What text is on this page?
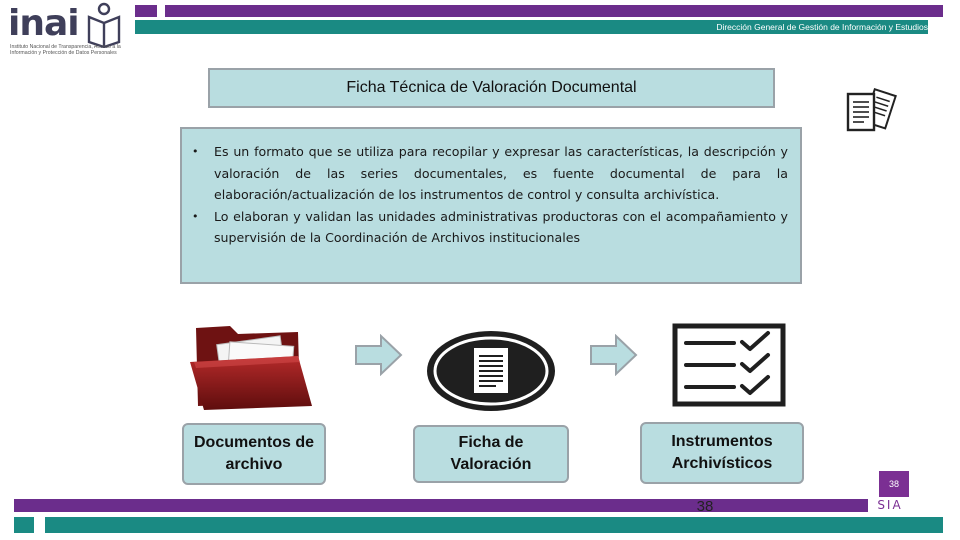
Dirección General de Gestión de Información y Estudios
inai
Instituto Nacional de Transparencia, Acceso a la Información y Protección de Datos Personales
Ficha Técnica de Valoración Documental
• Es un formato que se utiliza para recopilar y expresar las características, la descripción y valoración de las series documentales, es fuente documental de para la elaboración/actualización de los instrumentos de control y consulta archivística.
• Lo elaboran y validan las unidades administrativas productoras con el acompañamiento y supervisión de la Coordinación de Archivos institucionales
Documentos de archivo
Ficha de Valoración
Instrumentos Archivísticos
38
38	SIA
